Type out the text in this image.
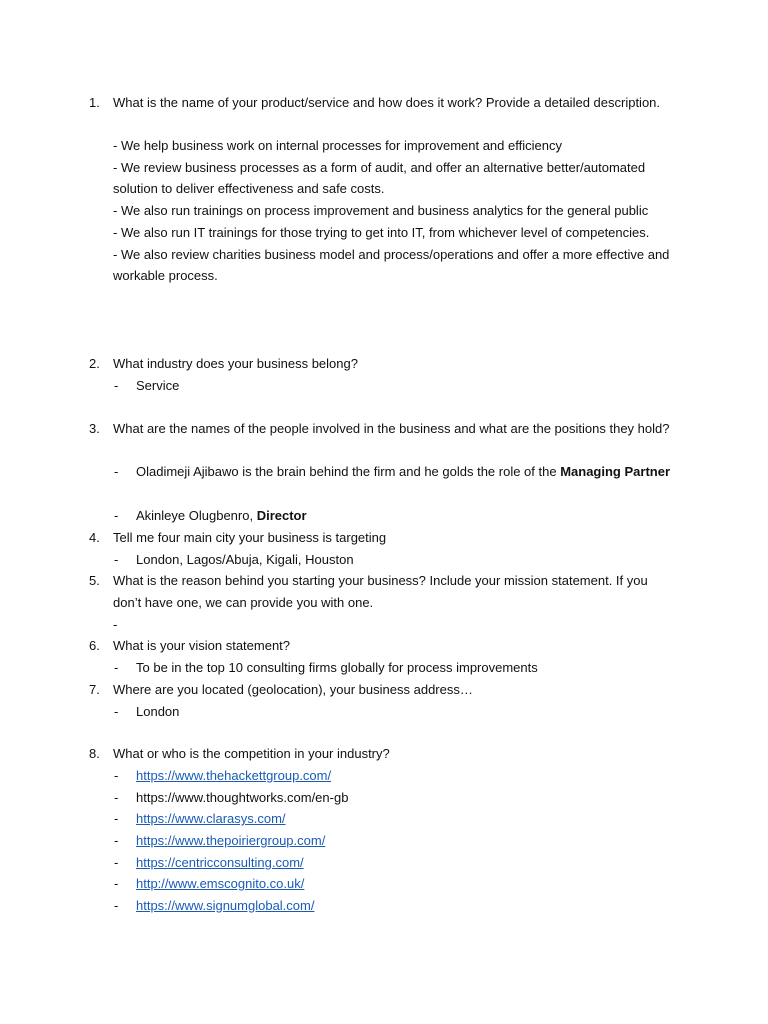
1. What is the name of your product/service and how does it work? Provide a detailed description.
- We help business work on internal processes for improvement and efficiency
- We review business processes as a form of audit, and offer an alternative better/automated solution to deliver effectiveness and safe costs.
- We also run trainings on process improvement and business analytics for the general public
- We also run IT trainings for those trying to get into IT, from whichever level of competencies.
- We also review charities business model and process/operations and offer a more effective and workable process.
2. What industry does your business belong?
- Service
3. What are the names of the people involved in the business and what are the positions they hold?
- Oladimeji Ajibawo is the brain behind the firm and he golds the role of the Managing Partner
- Akinleye Olugbenro, Director
4. Tell me four main city your business is targeting
- London, Lagos/Abuja, Kigali, Houston
5. What is the reason behind you starting your business? Include your mission statement. If you don’t have one, we can provide you with one.
-
6. What is your vision statement?
- To be in the top 10 consulting firms globally for process improvements
7. Where are you located (geolocation), your business address…
- London
8. What or who is the competition in your industry?
- https://www.thehackettgroup.com/
- https://www.thoughtworks.com/en-gb
- https://www.clarasys.com/
- https://www.thepoiriergroup.com/
- https://centricconsulting.com/
- http://www.emscognito.co.uk/
- https://www.signumglobal.com/
